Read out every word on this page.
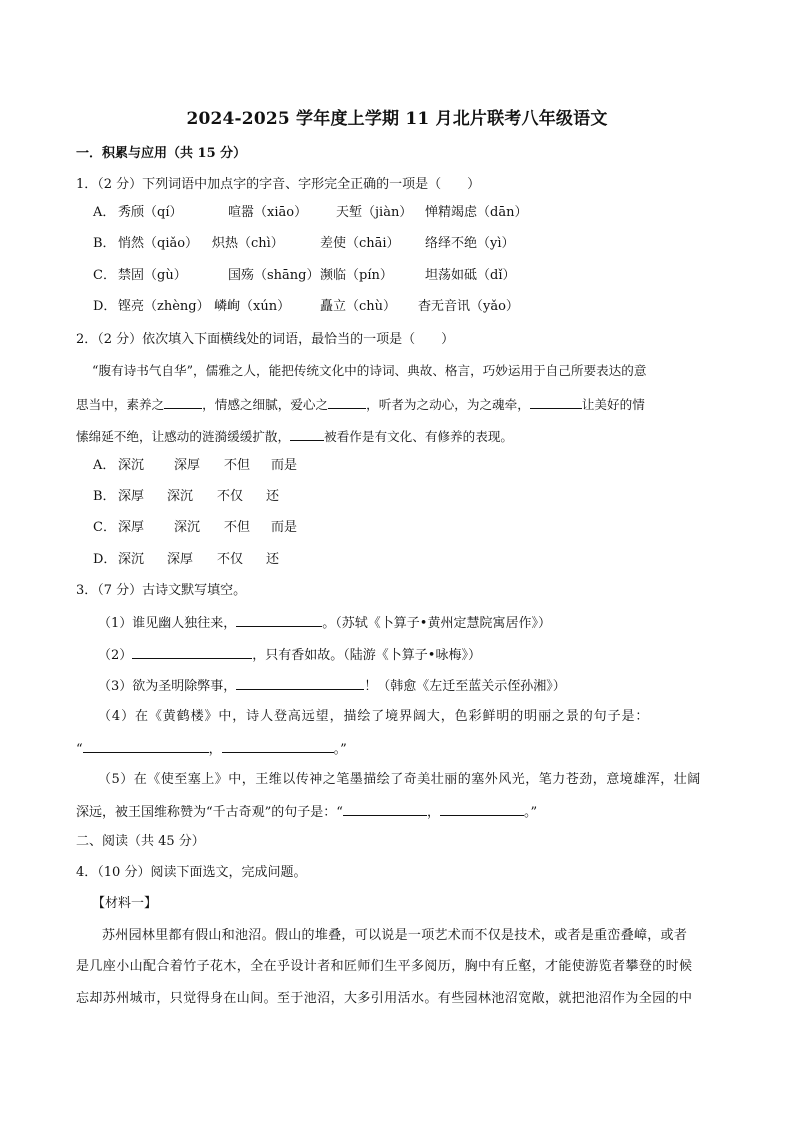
2024-2025 学年度上学期 11 月北片联考八年级语文
一．积累与应用（共 15 分）
1．（2 分）下列词语中加点字的字音、字形完全正确的一项是（　　）
A． 秀颀（qí）	喧嚣（xiāo） 天堑（jiàn） 惮精竭虑（dān）
B． 悄然（qiǎo） 炽热（chì）	差使（chāi） 络绎不绝（yì）
C． 禁固（gù）	国殇（shāng） 濒临（pín） 坦荡如砥（dǐ）
D． 铿亮（zhèng） 嶙峋（xún） 矗立（chù） 杳无音讯（yǎo）
2．（2 分）依次填入下面横线处的词语，最恰当的一项是（　　）
“腹有诗书气自华”，儒雅之人，能把传统文化中的诗词、典故、格言，巧妙运用于自己所要表达的意
思当中，素养之	，情感之细腻，爱心之	，听者为之动心，为之魂牵，	让美好的情
愫绵延不绝，让感动的涟漪缓缓扩散，	被看作是有文化、有修养的表现。
A． 深沉 深厚 不但 而是
B． 深厚 深沉 不仅 还
C． 深厚 深沉 不但 而是
D． 深沉 深厚 不仅 还
3．（7 分）古诗文默写填空。
（1）谁见幽人独往来，	。（苏轼《卜算子•黄州定慧院寓居作》）
（2）	，只有香如故。（陆游《卜算子•咏梅》）
（3）欲为圣明除弊事，	！（韩愈《左迁至蓝关示侄孙湘》）
（4）在《黄鹤楼》中，诗人登高远望，描绘了境界阔大，色彩鲜明的明丽之景的句子是：
“	，	。”
（5）在《使至塞上》中，王维以传神之笔墨描绘了奇美壮丽的塞外风光，笔力苍劲，意境雄浑，壮阔
深远，被王国维称赞为“千古奇观”的句子是：“	，	。”
二、阅读（共 45 分）
4．（10 分）阅读下面选文，完成问题。
【材料一】
苏州园林里都有假山和池沼。假山的堆叠，可以说是一项艺术而不仅是技术，或者是重峦叠嶂，或者
是几座小山配合着竹子花木，全在乎设计者和匠师们生平多阅历，胸中有丘壑，才能使游览者攀登的时候
忘却苏州城市，只觉得身在山间。至于池沼，大多引用活水。有些园林池沼宽敞，就把池沼作为全园的中
